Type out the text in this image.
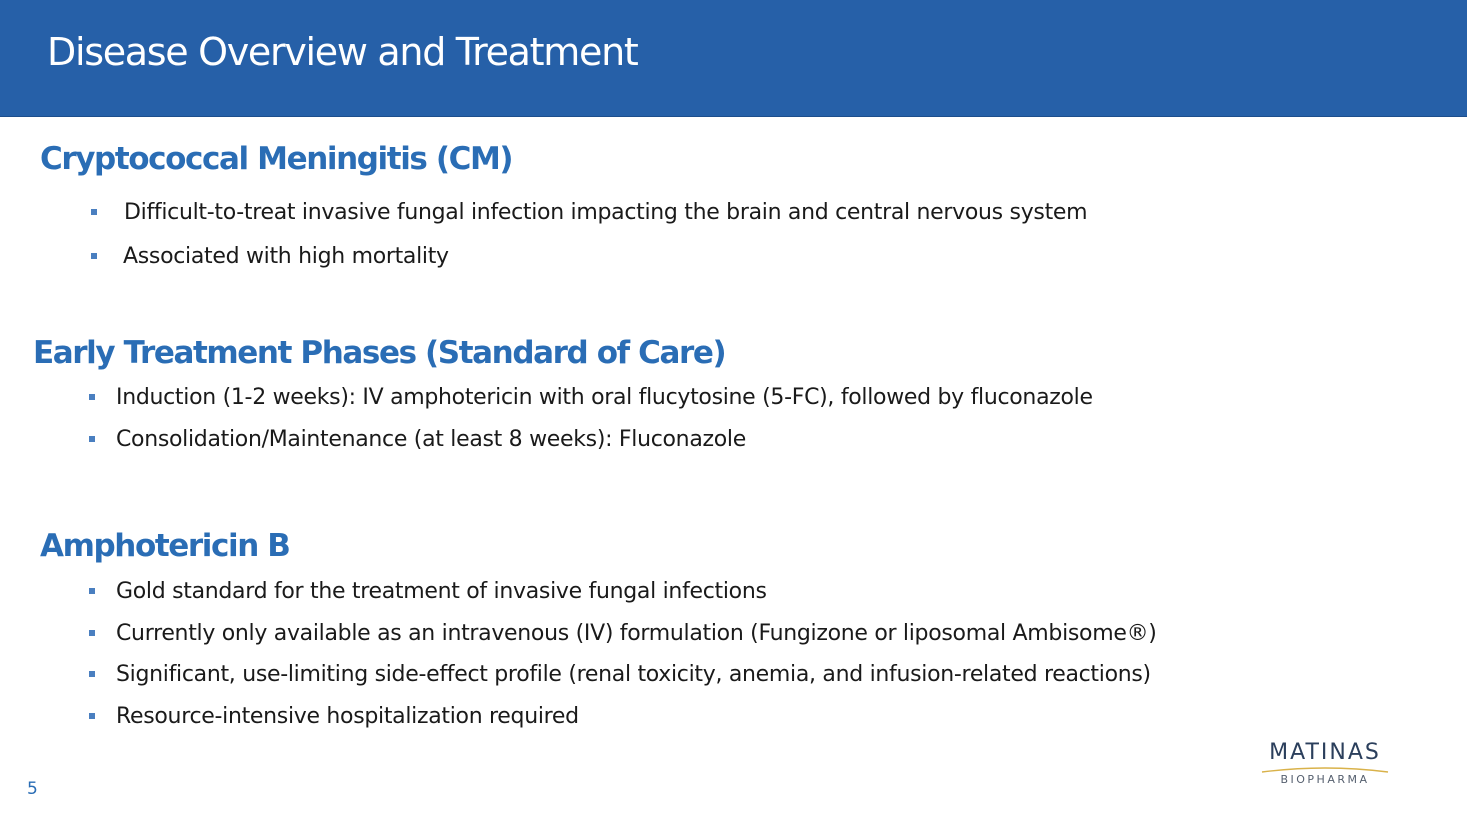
Disease Overview and Treatment
Cryptococcal Meningitis (CM)
Difficult-to-treat invasive fungal infection impacting the brain and central nervous system
Associated with high mortality
Early Treatment Phases (Standard of Care)
Induction (1-2 weeks): IV amphotericin with oral flucytosine (5-FC), followed by fluconazole
Consolidation/Maintenance (at least 8 weeks): Fluconazole
Amphotericin B
Gold standard for the treatment of invasive fungal infections
Currently only available as an intravenous (IV) formulation (Fungizone or liposomal Ambisome®)
Significant, use-limiting side-effect profile (renal toxicity, anemia, and infusion-related reactions)
Resource-intensive hospitalization required
5
MATINAS
BIOPHARMA
